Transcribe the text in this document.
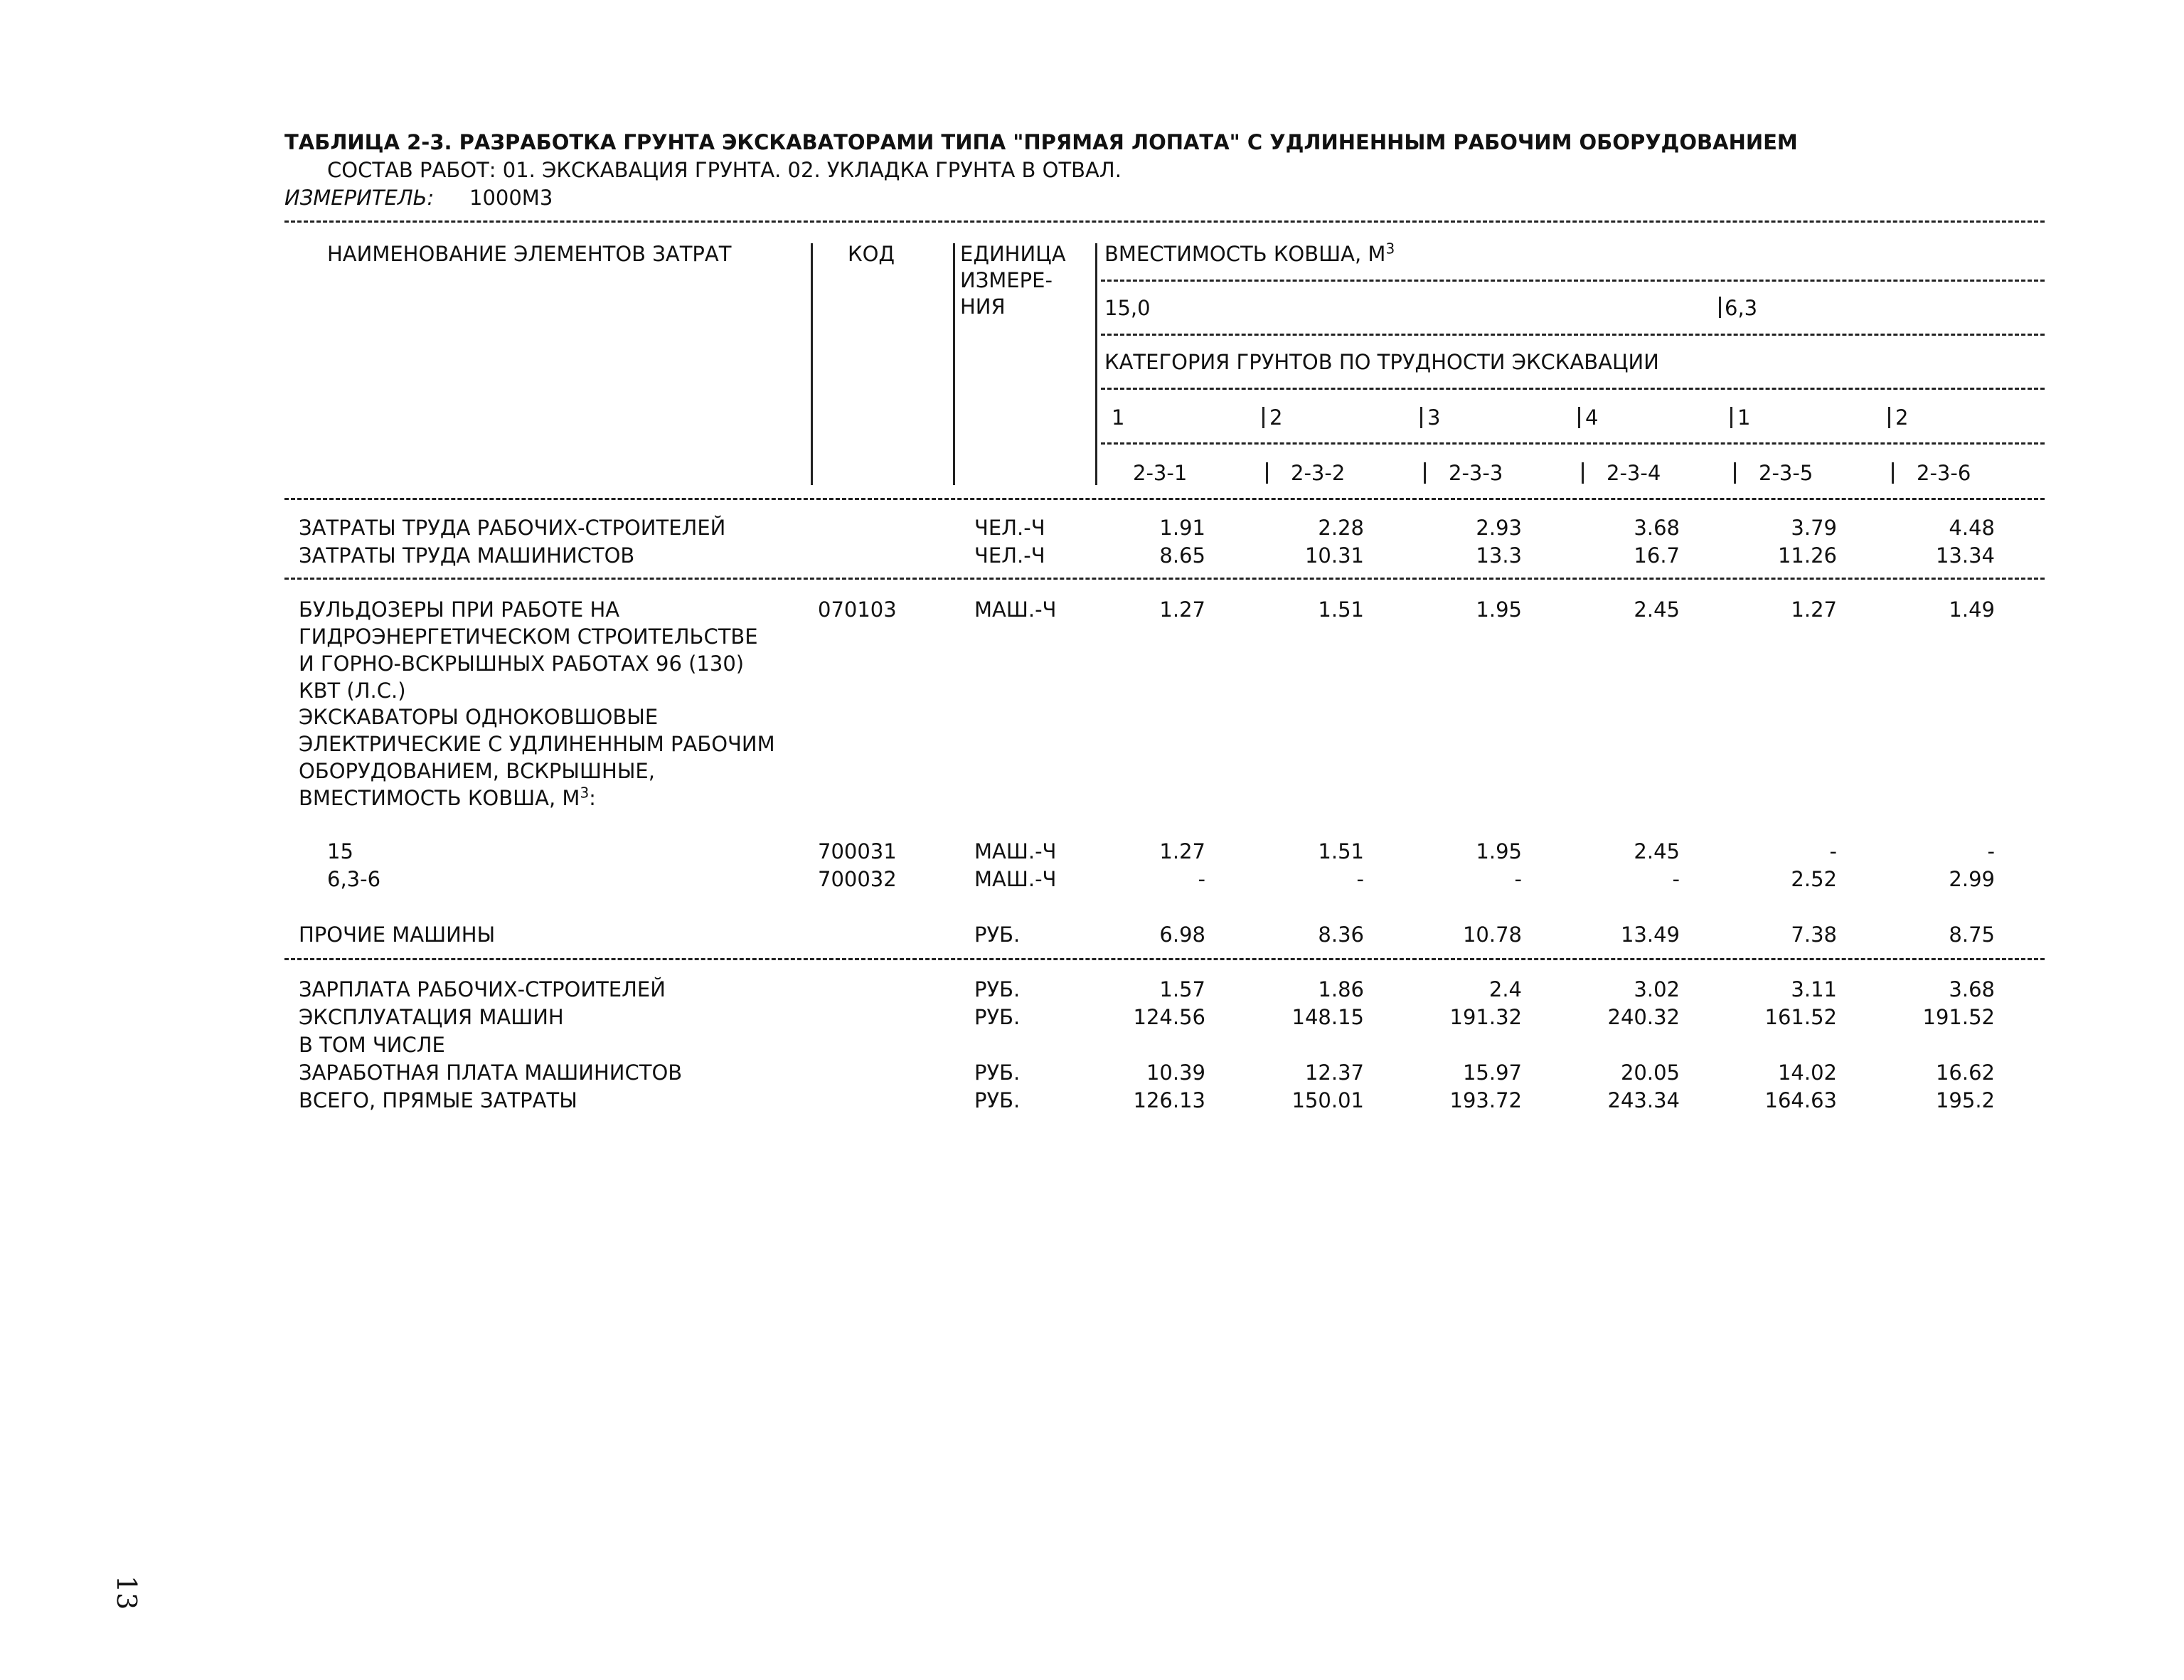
ТАБЛИЦА 2-3. РАЗРАБОТКА ГРУНТА ЭКСКАВАТОРАМИ ТИПА "ПРЯМАЯ ЛОПАТА" С УДЛИНЕННЫМ РАБОЧИМ ОБОРУДОВАНИЕМ
СОСТАВ РАБОТ: 01. ЭКСКАВАЦИЯ ГРУНТА. 02. УКЛАДКА ГРУНТА В ОТВАЛ.
ИЗМЕРИТЕЛЬ: 1000М3
НАИМЕНОВАНИЕ ЭЛЕМЕНТОВ ЗАТРАТ	КОД	ЕДИНИЦА
ИЗМЕРЕ-
НИЯ
ВМЕСТИМОСТЬ КОВША, $М^3$
15,0	6,3
КАТЕГОРИЯ ГРУНТОВ ПО ТРУДНОСТИ ЭКСКАВАЦИИ
1	2	3	4	1	2
2-3-1	2-3-2	2-3-3	2-3-4	2-3-5	2-3-6
ЗАТРАТЫ ТРУДА РАБОЧИХ-СТРОИТЕЛЕЙ	ЧЕЛ.-Ч	1.91	2.28	2.93	3.68	3.79	4.48
ЗАТРАТЫ ТРУДА МАШИНИСТОВ	ЧЕЛ.-Ч	8.65	10.31	13.3	16.7	11.26	13.34
БУЛЬДОЗЕРЫ ПРИ РАБОТЕ НА
ГИДРОЭНЕРГЕТИЧЕСКОМ СТРОИТЕЛЬСТВЕ
И ГОРНО-ВСКРЫШНЫХ РАБОТАХ 96 (130)
КВТ (Л.С.)
070103	МАШ.-Ч	1.27	1.51	1.95	2.45	1.27	1.49
ЭКСКАВАТОРЫ ОДНОКОВШОВЫЕ
ЭЛЕКТРИЧЕСКИЕ С УДЛИНЕННЫМ РАБОЧИМ
ОБОРУДОВАНИЕМ, ВСКРЫШНЫЕ,
ВМЕСТИМОСТЬ КОВША, $М^3$:
15	700031	МАШ.-Ч	1.27	1.51	1.95	2.45	-	-
6,3-6	700032	МАШ.-Ч	-	-	-	-	2.52	2.99
ПРОЧИЕ МАШИНЫ	РУБ.	6.98	8.36	10.78	13.49	7.38	8.75
ЗАРПЛАТА РАБОЧИХ-СТРОИТЕЛЕЙ	РУБ.	1.57	1.86	2.4	3.02	3.11	3.68
ЭКСПЛУАТАЦИЯ МАШИН	РУБ.	124.56	148.15	191.32	240.32	161.52	191.52
В ТОМ ЧИСЛЕ
ЗАРАБОТНАЯ ПЛАТА МАШИНИСТОВ	РУБ.	10.39	12.37	15.97	20.05	14.02	16.62
ВСЕГО, ПРЯМЫЕ ЗАТРАТЫ	РУБ.	126.13	150.01	193.72	243.34	164.63	195.2
13
